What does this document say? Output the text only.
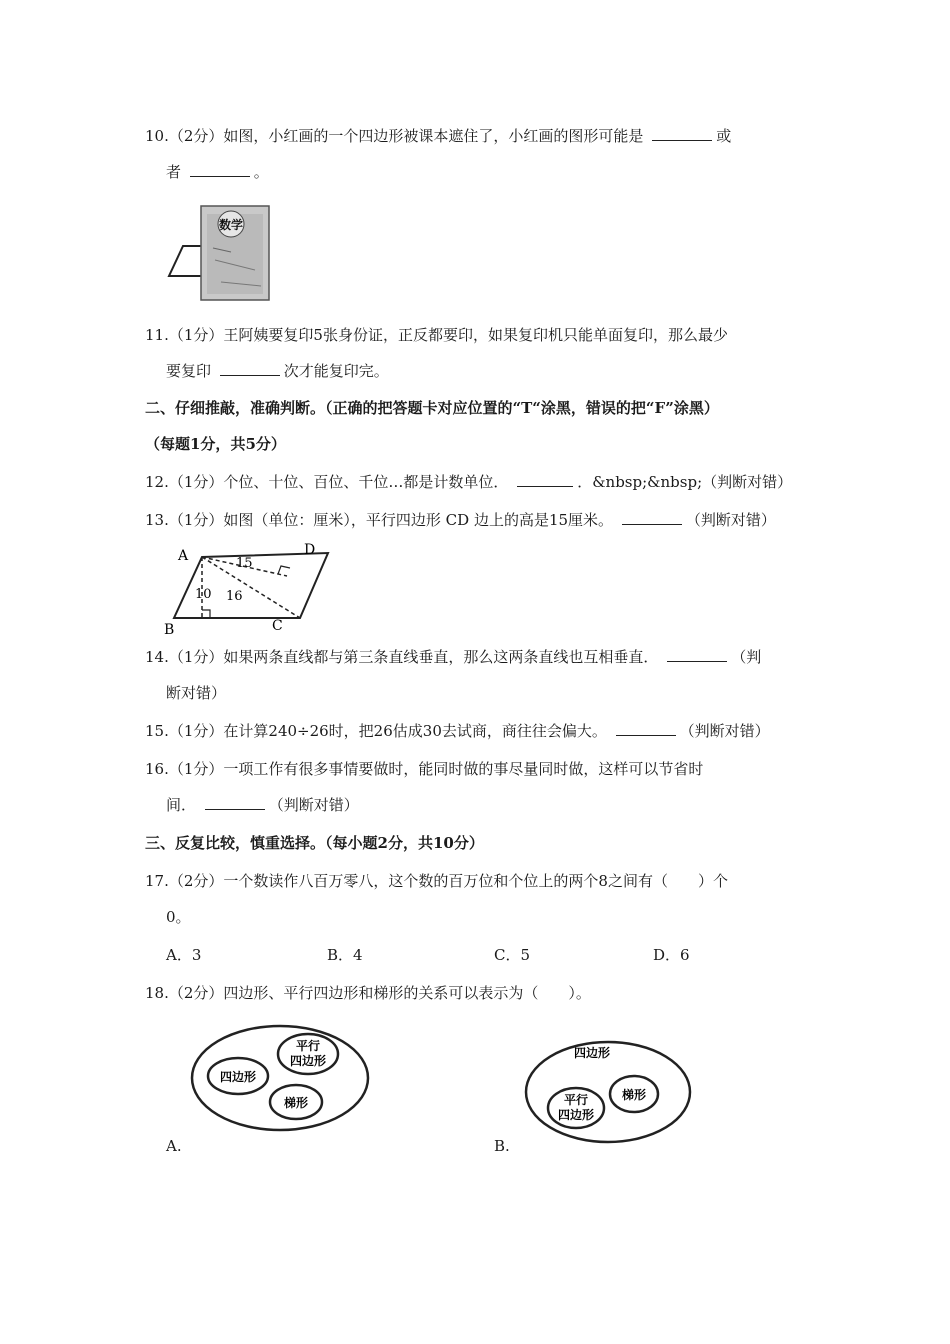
10.（2分）如图，小红画的一个四边形被课本遮住了，小红画的图形可能是	或
者	。
数学
11.（1分）王阿姨要复印5张身份证，正反都要印，如果复印机只能单面复印，那么最少
要复印	次才能复印完。
二、仔细推敲，准确判断。（正确的把答题卡对应位置的“T“涂黑，错误的把“F”涂黑）
（每题1分，共5分）
12.（1分）个位、十位、百位、千位…都是计数单位．	．&nbsp;&nbsp;（判断对错）
13.（1分）如图（单位：厘米），平行四边形 CD 边上的高是15厘米。	（判断对错）
A
B	C
D
15
16
10
14.（1分）如果两条直线都与第三条直线垂直，那么这两条直线也互相垂直．	（判
断对错）
15.（1分）在计算240÷26时，把26估成30去试商，商往往会偏大。	（判断对错）
16.（1分）一项工作有很多事情要做时，能同时做的事尽量同时做，这样可以节省时
间．	（判断对错）
三、反复比较，慎重选择。（每小题2分，共10分）
17.（2分）一个数读作八百万零八，这个数的百万位和个位上的两个8之间有（　　）个
0。
A．3	B．4	C．5	D．6
18.（2分）四边形、平行四边形和梯形的关系可以表示为（　　）。
平行
四边形
四边形
梯形
A.
四边形
平行
四边形
梯形
B.
